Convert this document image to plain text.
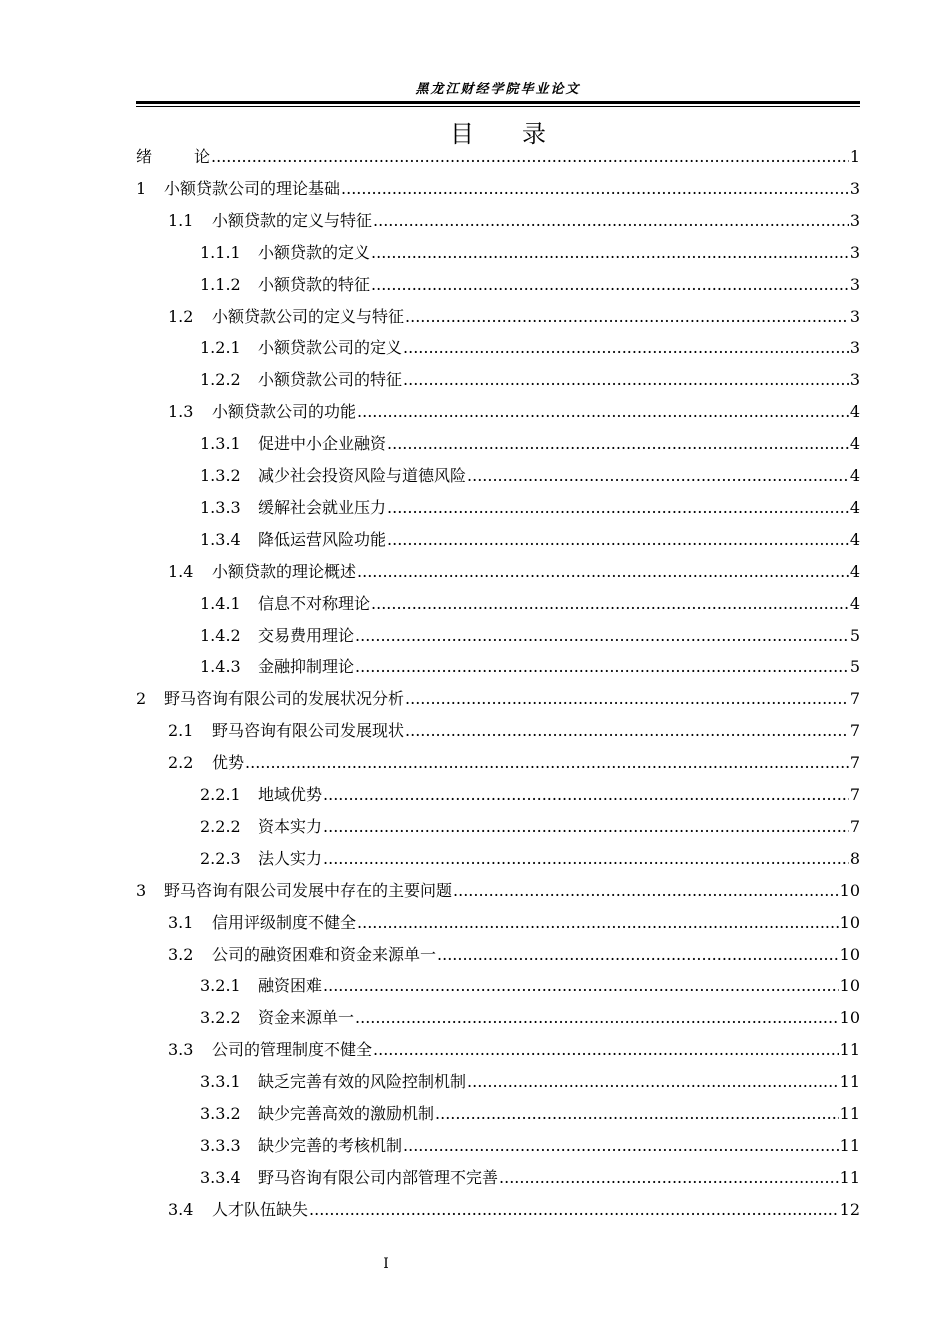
黑龙江财经学院毕业论文
目 录
绪	论 .....	1
1	小额贷款公司的理论基础 .....	3
1.1	小额贷款的定义与特征 .....	3
1.1.1	小额贷款的定义 .....	3
1.1.2	小额贷款的特征 .....	3
1.2	小额贷款公司的定义与特征 .....	3
1.2.1	小额贷款公司的定义 .....	3
1.2.2	小额贷款公司的特征 .....	3
1.3	小额贷款公司的功能 .....	4
1.3.1	促进中小企业融资 .....	4
1.3.2	减少社会投资风险与道德风险 .....	4
1.3.3	缓解社会就业压力 .....	4
1.3.4	降低运营风险功能 .....	4
1.4	小额贷款的理论概述 .....	4
1.4.1	信息不对称理论 .....	4
1.4.2	交易费用理论 .....	5
1.4.3	金融抑制理论 .....	5
2	野马咨询有限公司的发展状况分析 .....	7
2.1	野马咨询有限公司发展现状 .....	7
2.2	优势 .....	7
2.2.1	地域优势 .....	7
2.2.2	资本实力 .....	7
2.2.3	法人实力 .....	8
3	野马咨询有限公司发展中存在的主要问题 .....	10
3.1	信用评级制度不健全 .....	10
3.2	公司的融资困难和资金来源单一 .....	10
3.2.1	融资困难 .....	10
3.2.2	资金来源单一 .....	10
3.3	公司的管理制度不健全 .....	11
3.3.1	缺乏完善有效的风险控制机制 .....	11
3.3.2	缺少完善高效的激励机制 .....	11
3.3.3	缺少完善的考核机制 .....	11
3.3.4	野马咨询有限公司内部管理不完善 .....	11
3.4	人才队伍缺失 .....	12
I
